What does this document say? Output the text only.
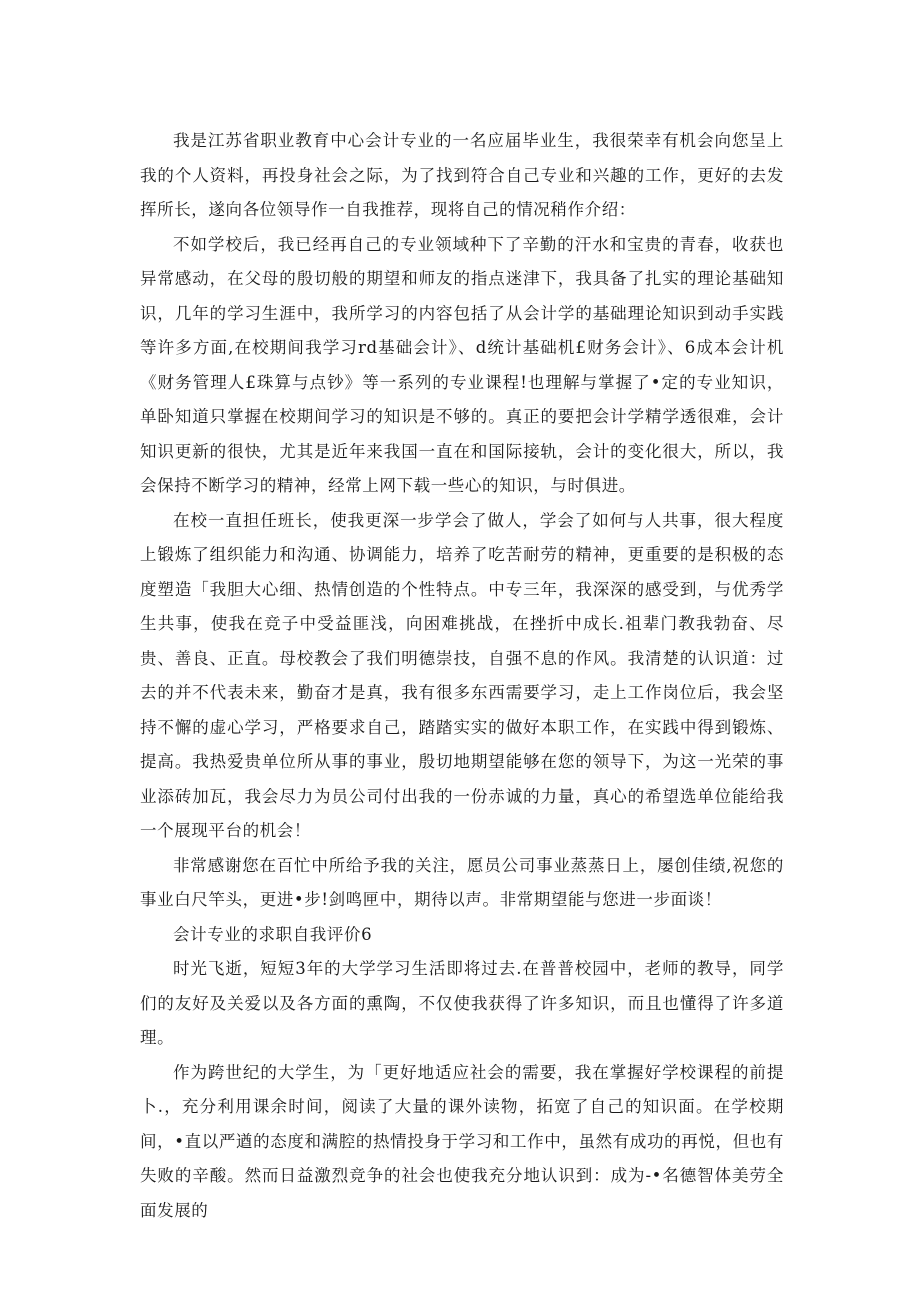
我是江苏省职业教育中心会计专业的一名应届毕业生，我很荣幸有机会向您呈上我的个人资料，再投身社会之际，为了找到符合自己专业和兴趣的工作，更好的去发挥所长，遂向各位领导作一自我推荐，现将自己的情况稍作介绍：

不如学校后，我已经再自己的专业领域种下了辛勤的汗水和宝贵的青春，收获也异常感动，在父母的殷切般的期望和师友的指点迷津下，我具备了扎实的理论基础知识，几年的学习生涯中，我所学习的内容包括了从会计学的基础理论知识到动手实践等许多方面,在校期间我学习rd基础会计》、d统计基础机£财务会计》、6成本会计机《财务管理人£珠算与点钞》等一系列的专业课程!也理解与掌握了•定的专业知识，单卧知道只掌握在校期间学习的知识是不够的。真正的要把会计学精学透很难，会计知识更新的很快，尤其是近年来我国一直在和国际接轨，会计的变化很大，所以，我会保持不断学习的精神，经常上网下载一些心的知识，与时俱进。

在校一直担任班长，使我更深一步学会了做人，学会了如何与人共事，很大程度上锻炼了组织能力和沟通、协调能力，培养了吃苦耐劳的精神，更重要的是积极的态度塑造「我胆大心细、热情创造的个性特点。中专三年，我深深的感受到，与优秀学生共事，使我在竞子中受益匪浅，向困难挑战，在挫折中成长.祖辈门教我勃奋、尽贵、善良、正直。母校教会了我们明德崇技，自强不息的作风。我清楚的认识道：过去的并不代表未来，勤奋才是真，我有很多东西需要学习，走上工作岗位后，我会坚持不懈的虚心学习，严格要求自己，踏踏实实的做好本职工作，在实践中得到锻炼、提高。我热爱贵单位所从事的事业，殷切地期望能够在您的领导下，为这一光荣的事业添砖加瓦，我会尽力为员公司付出我的一份赤诚的力量，真心的希望选单位能给我一个展现平台的机会！

非常感谢您在百忙中所给予我的关注，愿员公司事业蒸蒸日上，屡创佳绩,祝您的事业白尺竿头，更进•步!剑鸣匣中，期待以声。非常期望能与您进一步面谈！

会计专业的求职自我评价6

时光飞逝，短短3年的大学学习生活即将过去.在普普校园中，老师的教导，同学们的友好及关爱以及各方面的熏陶，不仅使我获得了许多知识，而且也懂得了许多道理。

作为跨世纪的大学生，为「更好地适应社会的需要，我在掌握好学校课程的前提卜.，充分利用课余时间，阅读了大量的课外读物，拓宽了自己的知识面。在学校期间，•直以严遒的态度和满腔的热情投身于学习和工作中，虽然有成功的再悦，但也有失败的辛酸。然而日益激烈竞争的社会也使我充分地认识到：成为-•名德智体美劳全面发展的
